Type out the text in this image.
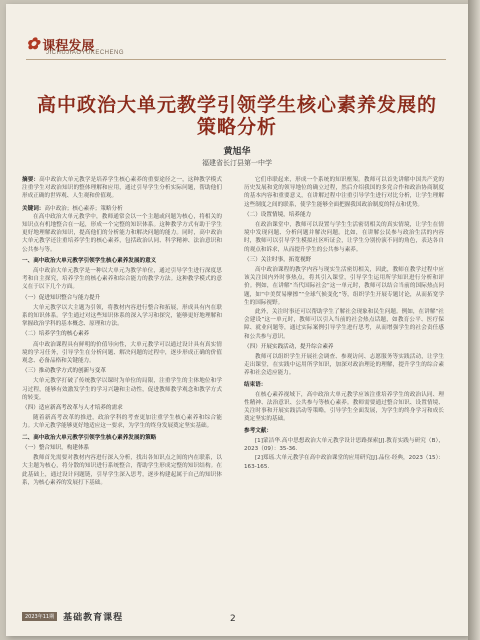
✿ 课程发展
JICHUJIAOYUKECHENG
高中政治大单元教学引领学生核心素养发展的
策略分析
黄旭华
福建省长汀县第一中学
摘要：高中政治大单元教学是培养学生核心素养的重要途径之一，这种教学模式注重学生对政治知识的整体理解和应用，通过引导学生分析实际问题，帮助他们形成正确的世界观、人生观和价值观。
关键词：高中政治；核心素养；策略分析
在高中政治大单元教学中，教师通常会以一个主题或问题为核心，将相关的知识点有机地整合在一起，形成一个完整的知识体系。这种教学方式有助于学生更好地理解政治知识，提高他们的分析能力和解决问题的能力。同时，高中政治大单元教学还注重培养学生的核心素养，包括政治认同、科学精神、法治意识和公共参与等。
一、高中政治大单元教学引领学生核心素养发展的意义
高中政治大单元教学是一种以大单元为教学单位，通过引导学生进行深度思考和自主探究，培养学生的核心素养和综合能力的教学方法。这种教学模式的意义在于以下几个方面。
（一）促进知识整合与能力提升
大单元教学以大主题为引领，将教材内容进行整合和拓展，形成具有内在联系的知识体系。学生通过对这些知识体系的深入学习和探究，能够更好地理解和掌握政治学科的基本概念、原理和方法。
（二）培养学生的核心素养
高中政治课程具有鲜明的价值导向性，大单元教学可以通过设计具有真实情境的学习任务，引导学生在分析问题、解决问题的过程中，逐步形成正确的价值观念、必备品格和关键能力。
（三）推动教学方式的创新与变革
大单元教学打破了传统教学以课时为单位的局限，注重学生的主体地位和学习过程，能够有效激发学生的学习兴趣和主动性，促进教师教学观念和教学方式的转变。
（四）适应新高考改革与人才培养的需求
随着新高考改革的推进，政治学科的考查更加注重学生核心素养和综合能力。大单元教学能够更好地适应这一要求，为学生的终身发展奠定坚实基础。
二、高中政治大单元教学引领学生核心素养发展的策略
（一）整合知识，构建体系
教师首先需要对教材内容进行深入分析，找出各知识点之间的内在联系，以大主题为核心，将分散的知识进行系统整合，帮助学生形成完整的知识结构。在此基础上，通过设计问题链，引导学生深入思考，逐步构建起属于自己的知识体系，为核心素养的发展打下基础。
它们串联起来，形成一个系统的知识框架。教师可以首先讲解中国共产党的历史发展和党的领导地位的确立过程，然后介绍我国的多党合作和政治协商制度的基本内容和重要意义，在讲解过程中注重引导学生进行对比分析，让学生理解这些制度之间的联系，使学生能够全面把握我国政治制度的特点和优势。
（二）设置情境，培养能力
在政治课堂中，教师可以设置与学生生活密切相关的真实情境，让学生在情境中发现问题、分析问题并解决问题。比如，在讲解公民参与政治生活的内容时，教师可以引导学生模拟社区听证会，让学生分别扮演不同的角色，表达各自的观点和诉求，从而提升学生的公共参与素养。
（三）关注时事，拓宽视野
高中政治课程的教学内容与现实生活密切相关，因此，教师在教学过程中应该关注国内外时事热点，将其引入课堂，引导学生运用所学知识进行分析和评价。例如，在讲解“当代国际社会”这一单元时，教师可以结合当前的国际热点问题，如“中美贸易摩擦”“全球气候变化”等，组织学生开展专题讨论，从而拓宽学生的国际视野。
此外，关注时事还可以帮助学生了解社会现象和民生问题。例如，在讲解“社会建设”这一单元时，教师可以引入当前的社会热点话题，如教育公平、医疗保障、就业问题等，通过实际案例引导学生进行思考，从而增强学生的社会责任感和公共参与意识。
（四）开展实践活动，提升综合素养
教师可以组织学生开展社会调查、参观访问、志愿服务等实践活动，让学生走出课堂，在实践中运用所学知识，加深对政治理论的理解，提升学生的综合素养和社会适应能力。
结束语：
在核心素养视域下，高中政治大单元教学应该注重培养学生的政治认同、理性精神、法治意识、公共参与等核心素养。教师需要通过整合知识、设置情境、关注时事和开展实践活动等策略，引导学生全面发展，为学生的终身学习和成长奠定坚实的基础。
参考文献：
[1]蒙洁华.高中思想政治大单元教学设计思路探索[J].教育实践与研究（B），2023（09）：35-36.
[2]郑瑶.大单元教学在高中政治课堂的应用研究[J].品位·经典，2023（15）：163-165.
2023年11期	基础教育课程	2
